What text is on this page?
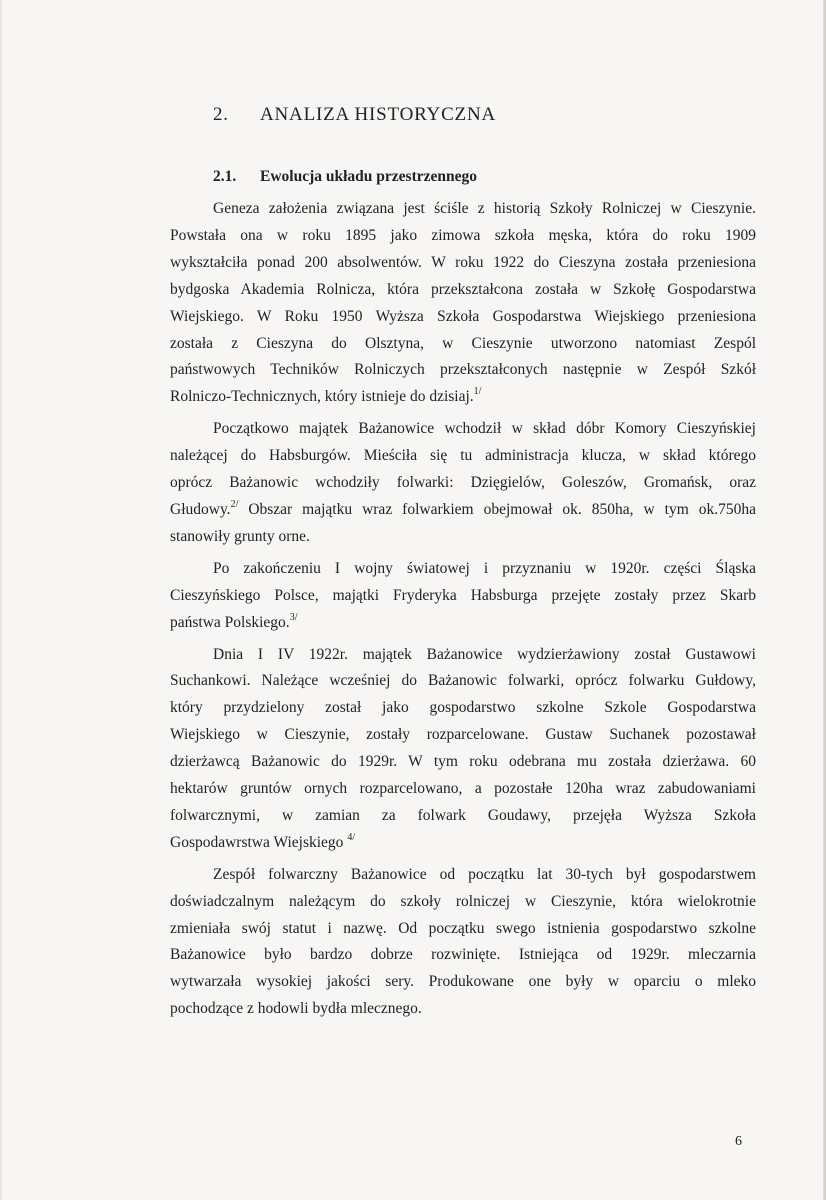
2. ANALIZA HISTORYCZNA
2.1. Ewolucja układu przestrzennego
Geneza założenia związana jest ściśle z historią Szkoły Rolniczej w Cieszynie.
Powstała ona w roku 1895 jako zimowa szkoła męska, która do roku 1909
wykształciła ponad 200 absolwentów. W roku 1922 do Cieszyna została przeniesiona
bydgoska Akademia Rolnicza, która przekształcona została w Szkołę Gospodarstwa
Wiejskiego. W Roku 1950 Wyższa Szkoła Gospodarstwa Wiejskiego przeniesiona
została z Cieszyna do Olsztyna, w Cieszynie utworzono natomiast Zespól
państwowych Techników Rolniczych przekształconych następnie w Zespół Szkół
Rolniczo-Technicznych, który istnieje do dzisiaj.$^{1/}$
Początkowo majątek Bażanowice wchodził w skład dóbr Komory Cieszyńskiej
należącej do Habsburgów. Mieściła się tu administracja klucza, w skład którego
oprócz Bażanowic wchodziły folwarki: Dzięgielów, Goleszów, Gromańsk, oraz
Głudowy.$^{2/}$ Obszar majątku wraz folwarkiem obejmował ok. 850ha, w tym ok.750ha
stanowiły grunty orne.
Po zakończeniu I wojny światowej i przyznaniu w 1920r. części Śląska
Cieszyńskiego Polsce, majątki Fryderyka Habsburga przejęte zostały przez Skarb
państwa Polskiego.$^{3/}$
Dnia I IV 1922r. majątek Bażanowice wydzierżawiony został Gustawowi
Suchankowi. Należące wcześniej do Bażanowic folwarki, oprócz folwarku Gułdowy,
który przydzielony został jako gospodarstwo szkolne Szkole Gospodarstwa
Wiejskiego w Cieszynie, zostały rozparcelowane. Gustaw Suchanek pozostawał
dzierżawcą Bażanowic do 1929r. W tym roku odebrana mu została dzierżawa. 60
hektarów gruntów ornych rozparcelowano, a pozostałe 120ha wraz zabudowaniami
folwarcznymi, w zamian za folwark Goudawy, przejęła Wyższa Szkoła
Gospodawrstwa Wiejskiego $^{4/}$
Zespół folwarczny Bażanowice od początku lat 30-tych był gospodarstwem
doświadczalnym należącym do szkoły rolniczej w Cieszynie, która wielokrotnie
zmieniała swój statut i nazwę. Od początku swego istnienia gospodarstwo szkolne
Bażanowice było bardzo dobrze rozwinięte. Istniejąca od 1929r. mleczarnia
wytwarzała wysokiej jakości sery. Produkowane one były w oparciu o mleko
pochodzące z hodowli bydła mlecznego.
6
